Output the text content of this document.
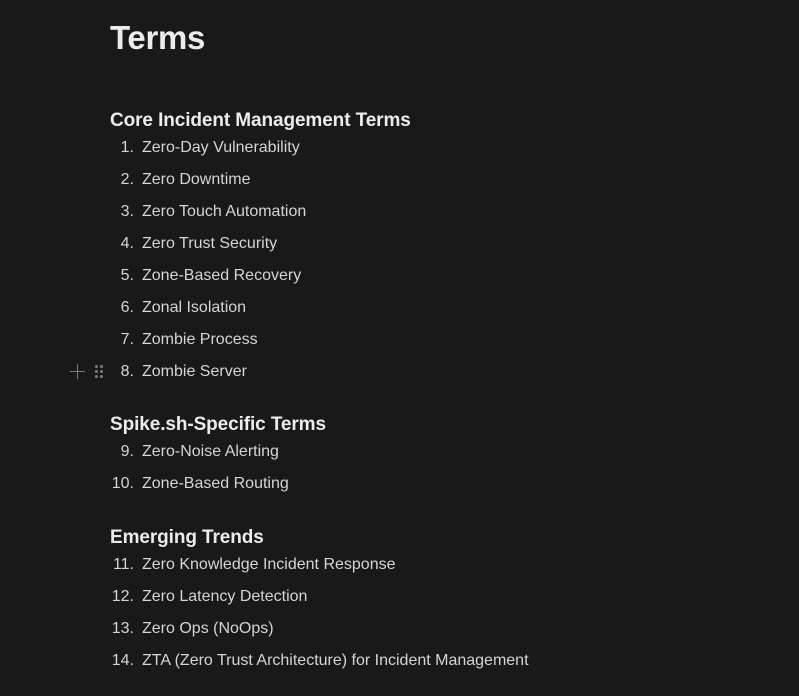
Terms
Core Incident Management Terms
1. Zero-Day Vulnerability
2. Zero Downtime
3. Zero Touch Automation
4. Zero Trust Security
5. Zone-Based Recovery
6. Zonal Isolation
7. Zombie Process
8. Zombie Server
Spike.sh-Specific Terms
9. Zero-Noise Alerting
10. Zone-Based Routing
Emerging Trends
11. Zero Knowledge Incident Response
12. Zero Latency Detection
13. Zero Ops (NoOps)
14. ZTA (Zero Trust Architecture) for Incident Management
